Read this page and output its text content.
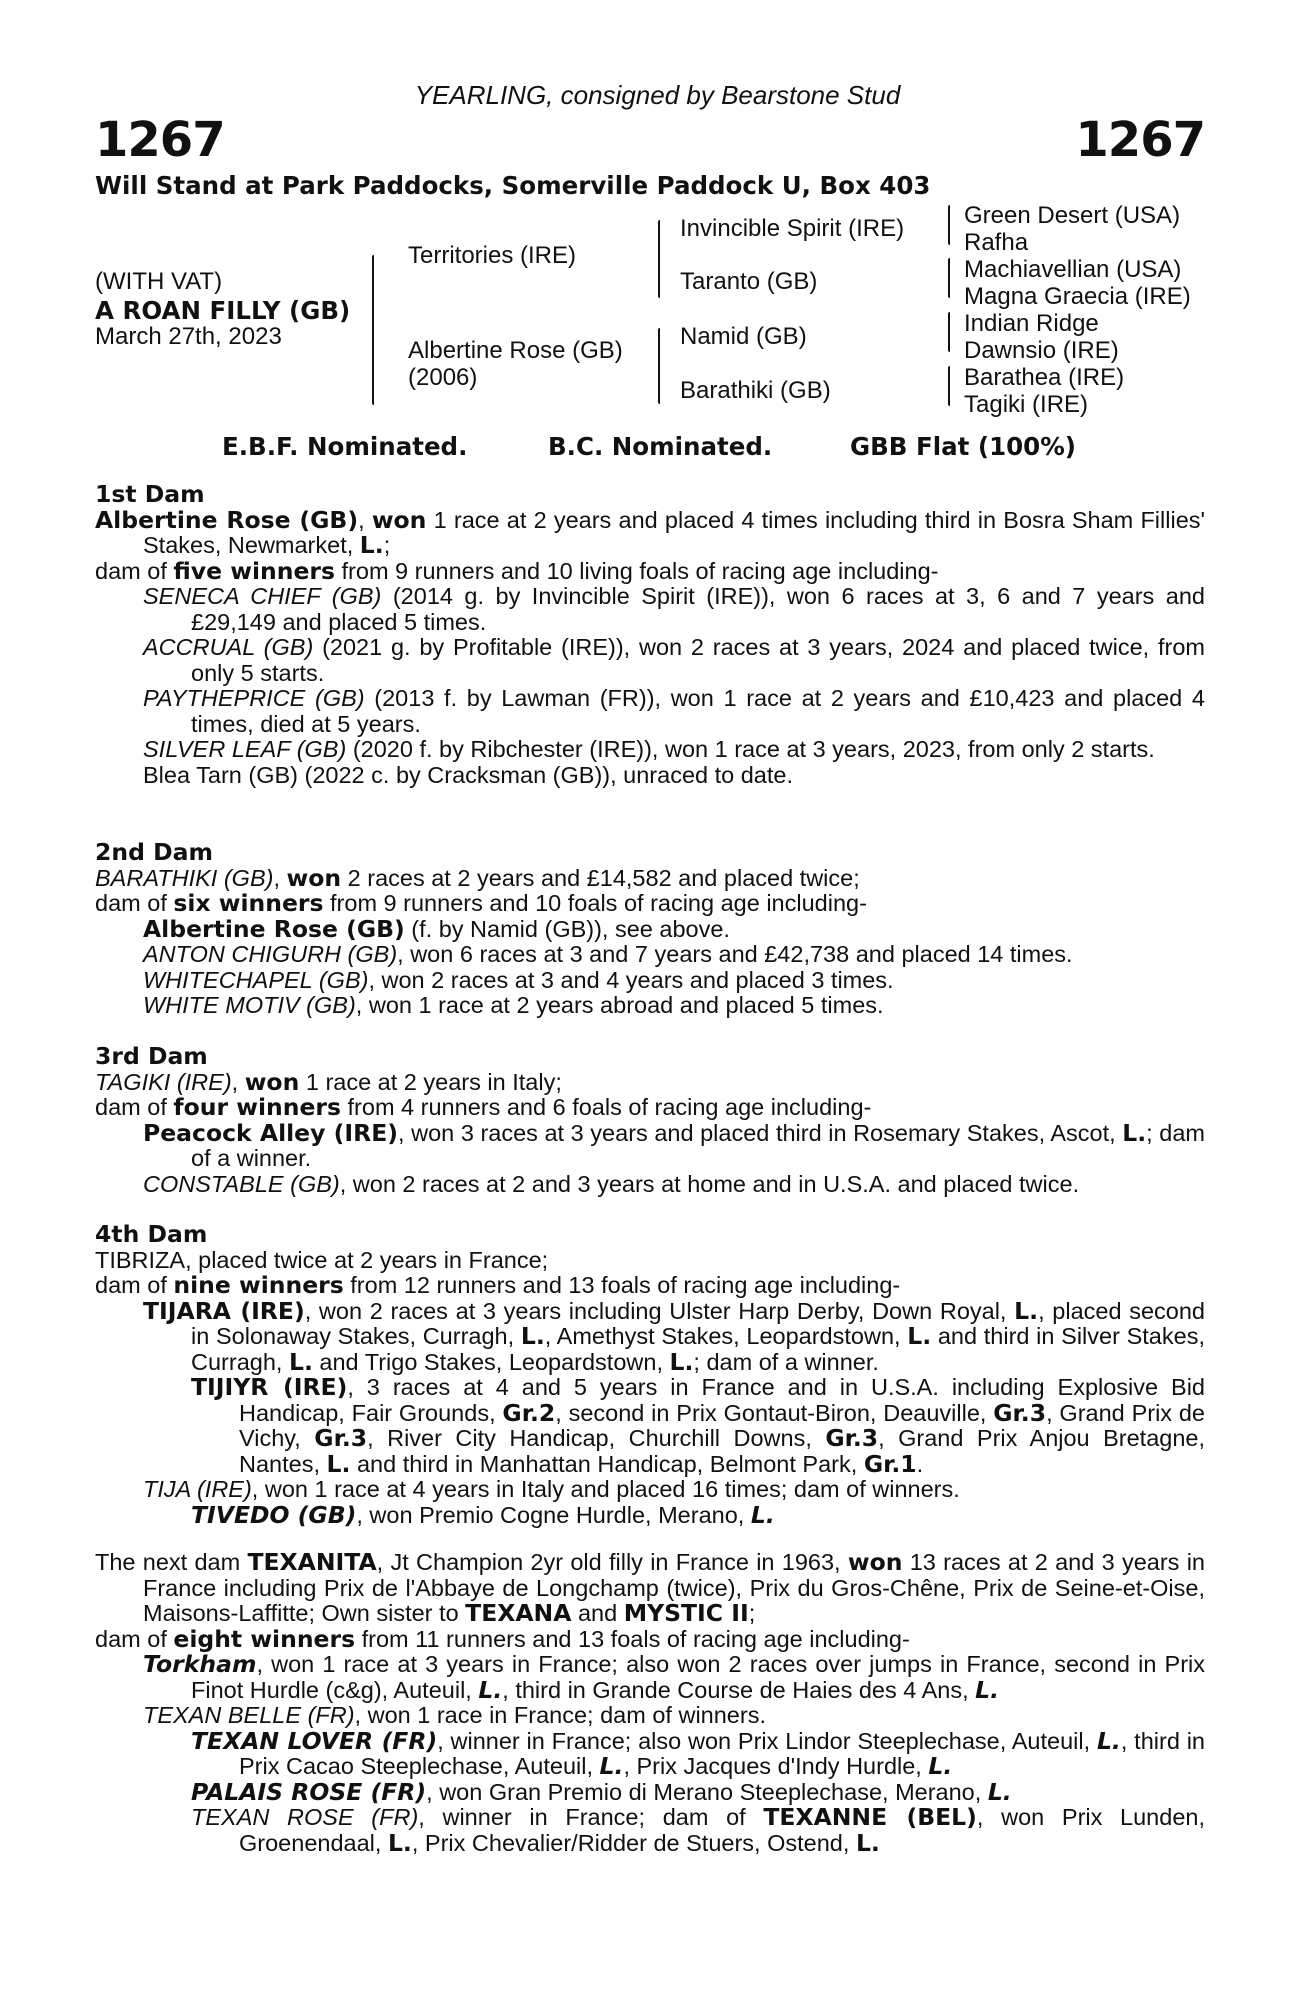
1267
YEARLING, consigned by Bearstone Stud
1267
Will Stand at Park Paddocks, Somerville Paddock U, Box 403
(WITH VAT)
A ROAN FILLY (GB)
March 27th, 2023
Territories (IRE)
Albertine Rose (GB)
(2006)
Invincible Spirit (IRE)
Taranto (GB)
Namid (GB)
Barathiki (GB)
Green Desert (USA)
Rafha
Machiavellian (USA)
Magna Graecia (IRE)
Indian Ridge
Dawnsio (IRE)
Barathea (IRE)
Tagiki (IRE)
E.B.F. Nominated.	B.C. Nominated.	GBB Flat (100%)

1st Dam

Albertine Rose (GB), won 1 race at 2 years and placed 4 times including third in Bosra Sham Fillies' Stakes, Newmarket, L.;

dam of five winners from 9 runners and 10 living foals of racing age including-

SENECA CHIEF (GB) (2014 g. by Invincible Spirit (IRE)), won 6 races at 3, 6 and 7 years and £29,149 and placed 5 times.

ACCRUAL (GB) (2021 g. by Profitable (IRE)), won 2 races at 3 years, 2024 and placed twice, from only 5 starts.

PAYTHEPRICE (GB) (2013 f. by Lawman (FR)), won 1 race at 2 years and £10,423 and placed 4 times, died at 5 years.

SILVER LEAF (GB) (2020 f. by Ribchester (IRE)), won 1 race at 3 years, 2023, from only 2 starts.

Blea Tarn (GB) (2022 c. by Cracksman (GB)), unraced to date.

2nd Dam

BARATHIKI (GB), won 2 races at 2 years and £14,582 and placed twice;

dam of six winners from 9 runners and 10 foals of racing age including-

Albertine Rose (GB) (f. by Namid (GB)), see above.

ANTON CHIGURH (GB), won 6 races at 3 and 7 years and £42,738 and placed 14 times.

WHITECHAPEL (GB), won 2 races at 3 and 4 years and placed 3 times.

WHITE MOTIV (GB), won 1 race at 2 years abroad and placed 5 times.

3rd Dam

TAGIKI (IRE), won 1 race at 2 years in Italy;

dam of four winners from 4 runners and 6 foals of racing age including-

Peacock Alley (IRE), won 3 races at 3 years and placed third in Rosemary Stakes, Ascot, L.; dam of a winner.

CONSTABLE (GB), won 2 races at 2 and 3 years at home and in U.S.A. and placed twice.

4th Dam

TIBRIZA, placed twice at 2 years in France;

dam of nine winners from 12 runners and 13 foals of racing age including-

TIJARA (IRE), won 2 races at 3 years including Ulster Harp Derby, Down Royal, L., placed second in Solonaway Stakes, Curragh, L., Amethyst Stakes, Leopardstown, L. and third in Silver Stakes, Curragh, L. and Trigo Stakes, Leopardstown, L.; dam of a winner.

TIJIYR (IRE), 3 races at 4 and 5 years in France and in U.S.A. including Explosive Bid Handicap, Fair Grounds, Gr.2, second in Prix Gontaut-Biron, Deauville, Gr.3, Grand Prix de Vichy, Gr.3, River City Handicap, Churchill Downs, Gr.3, Grand Prix Anjou Bretagne, Nantes, L. and third in Manhattan Handicap, Belmont Park, Gr.1.

TIJA (IRE), won 1 race at 4 years in Italy and placed 16 times; dam of winners.

TIVEDO (GB), won Premio Cogne Hurdle, Merano, L.

The next dam TEXANITA, Jt Champion 2yr old filly in France in 1963, won 13 races at 2 and 3 years in France including Prix de l'Abbaye de Longchamp (twice), Prix du Gros-Chêne, Prix de Seine-et-Oise, Maisons-Laffitte; Own sister to TEXANA and MYSTIC II;

dam of eight winners from 11 runners and 13 foals of racing age including-

Torkham, won 1 race at 3 years in France; also won 2 races over jumps in France, second in Prix Finot Hurdle (c&g), Auteuil, L., third in Grande Course de Haies des 4 Ans, L.

TEXAN BELLE (FR), won 1 race in France; dam of winners.

TEXAN LOVER (FR), winner in France; also won Prix Lindor Steeplechase, Auteuil, L., third in Prix Cacao Steeplechase, Auteuil, L., Prix Jacques d'Indy Hurdle, L.

PALAIS ROSE (FR), won Gran Premio di Merano Steeplechase, Merano, L.

TEXAN ROSE (FR), winner in France; dam of TEXANNE (BEL), won Prix Lunden, Groenendaal, L., Prix Chevalier/Ridder de Stuers, Ostend, L.
